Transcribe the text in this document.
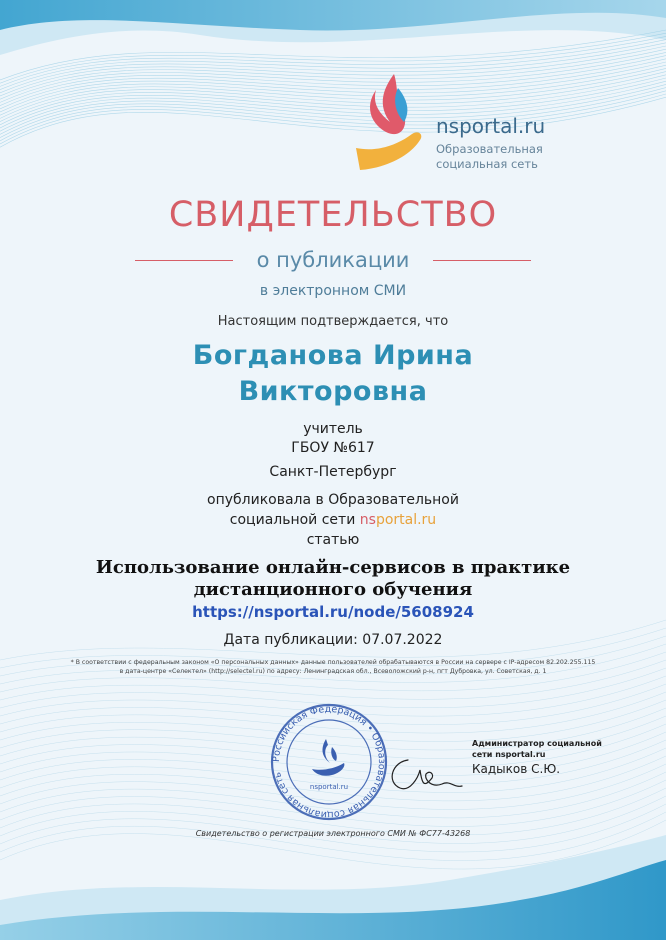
nsportal.ru
Образовательная
социальная сеть
СВИДЕТЕЛЬСТВО
о публикации
в электронном СМИ
Настоящим подтверждается, что
Богданова Ирина
Викторовна
учитель
ГБОУ №617
Санкт-Петербург
опубликовала в Образовательной
социальной сети nsportal.ru
статью
Использование онлайн-сервисов в практике дистанционного обучения
https://nsportal.ru/node/5608924
Дата публикации: 07.07.2022
* В соответствии с федеральным законом «О персональных данных» данные пользователей обрабатываются в России на сервере с IP-адресом 82.202.255.115 в дата-центре «Селектел» (http://selectel.ru) по адресу: Ленинградская обл., Всеволожский р-н, пгт Дубровка, ул. Советская, д. 1
Российская Федерация • Образовательная социальная сеть
nsportal.ru
Администратор социальной
сети nsportal.ru
Кадыков С.Ю.
Свидетельство о регистрации электронного СМИ № ФС77-43268
